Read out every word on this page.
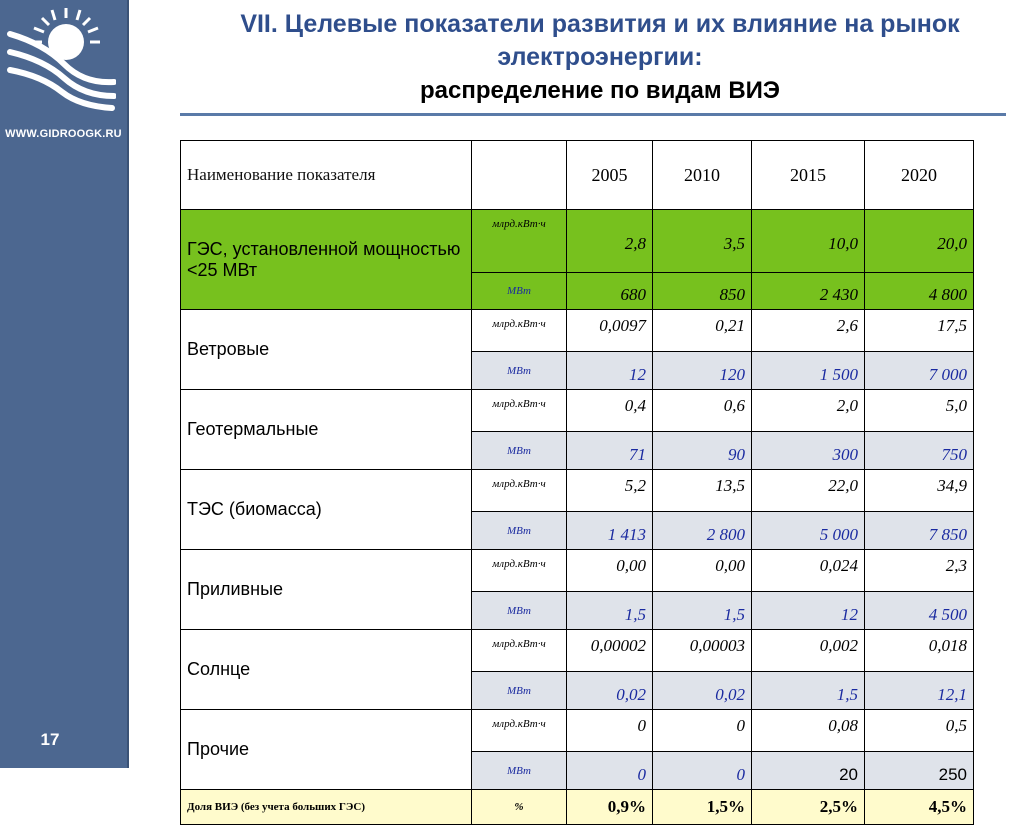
WWW.GIDROOGK.RU
17
VII. Целевые показатели развития и их влияние на рынок электроэнергии:
распределение по видам ВИЭ
Наименование показателя		2005	2010	2015	2020
ГЭС, установленной мощностью <25 МВт	млрд.кВт·ч	2,8	3,5	10,0	20,0
	МВт	680	850	2 430	4 800
Ветровые	млрд.кВт·ч	0,0097	0,21	2,6	17,5
	МВт	12	120	1 500	7 000
Геотермальные	млрд.кВт·ч	0,4	0,6	2,0	5,0
	МВт	71	90	300	750
ТЭС (биомасса)	млрд.кВт·ч	5,2	13,5	22,0	34,9
	МВт	1 413	2 800	5 000	7 850
Приливные	млрд.кВт·ч	0,00	0,00	0,024	2,3
	МВт	1,5	1,5	12	4 500
Солнце	млрд.кВт·ч	0,00002	0,00003	0,002	0,018
	МВт	0,02	0,02	1,5	12,1
Прочие	млрд.кВт·ч	0	0	0,08	0,5
	МВт	0	0	20	250
Доля ВИЭ (без учета больших ГЭС)	%	0,9%	1,5%	2,5%	4,5%
